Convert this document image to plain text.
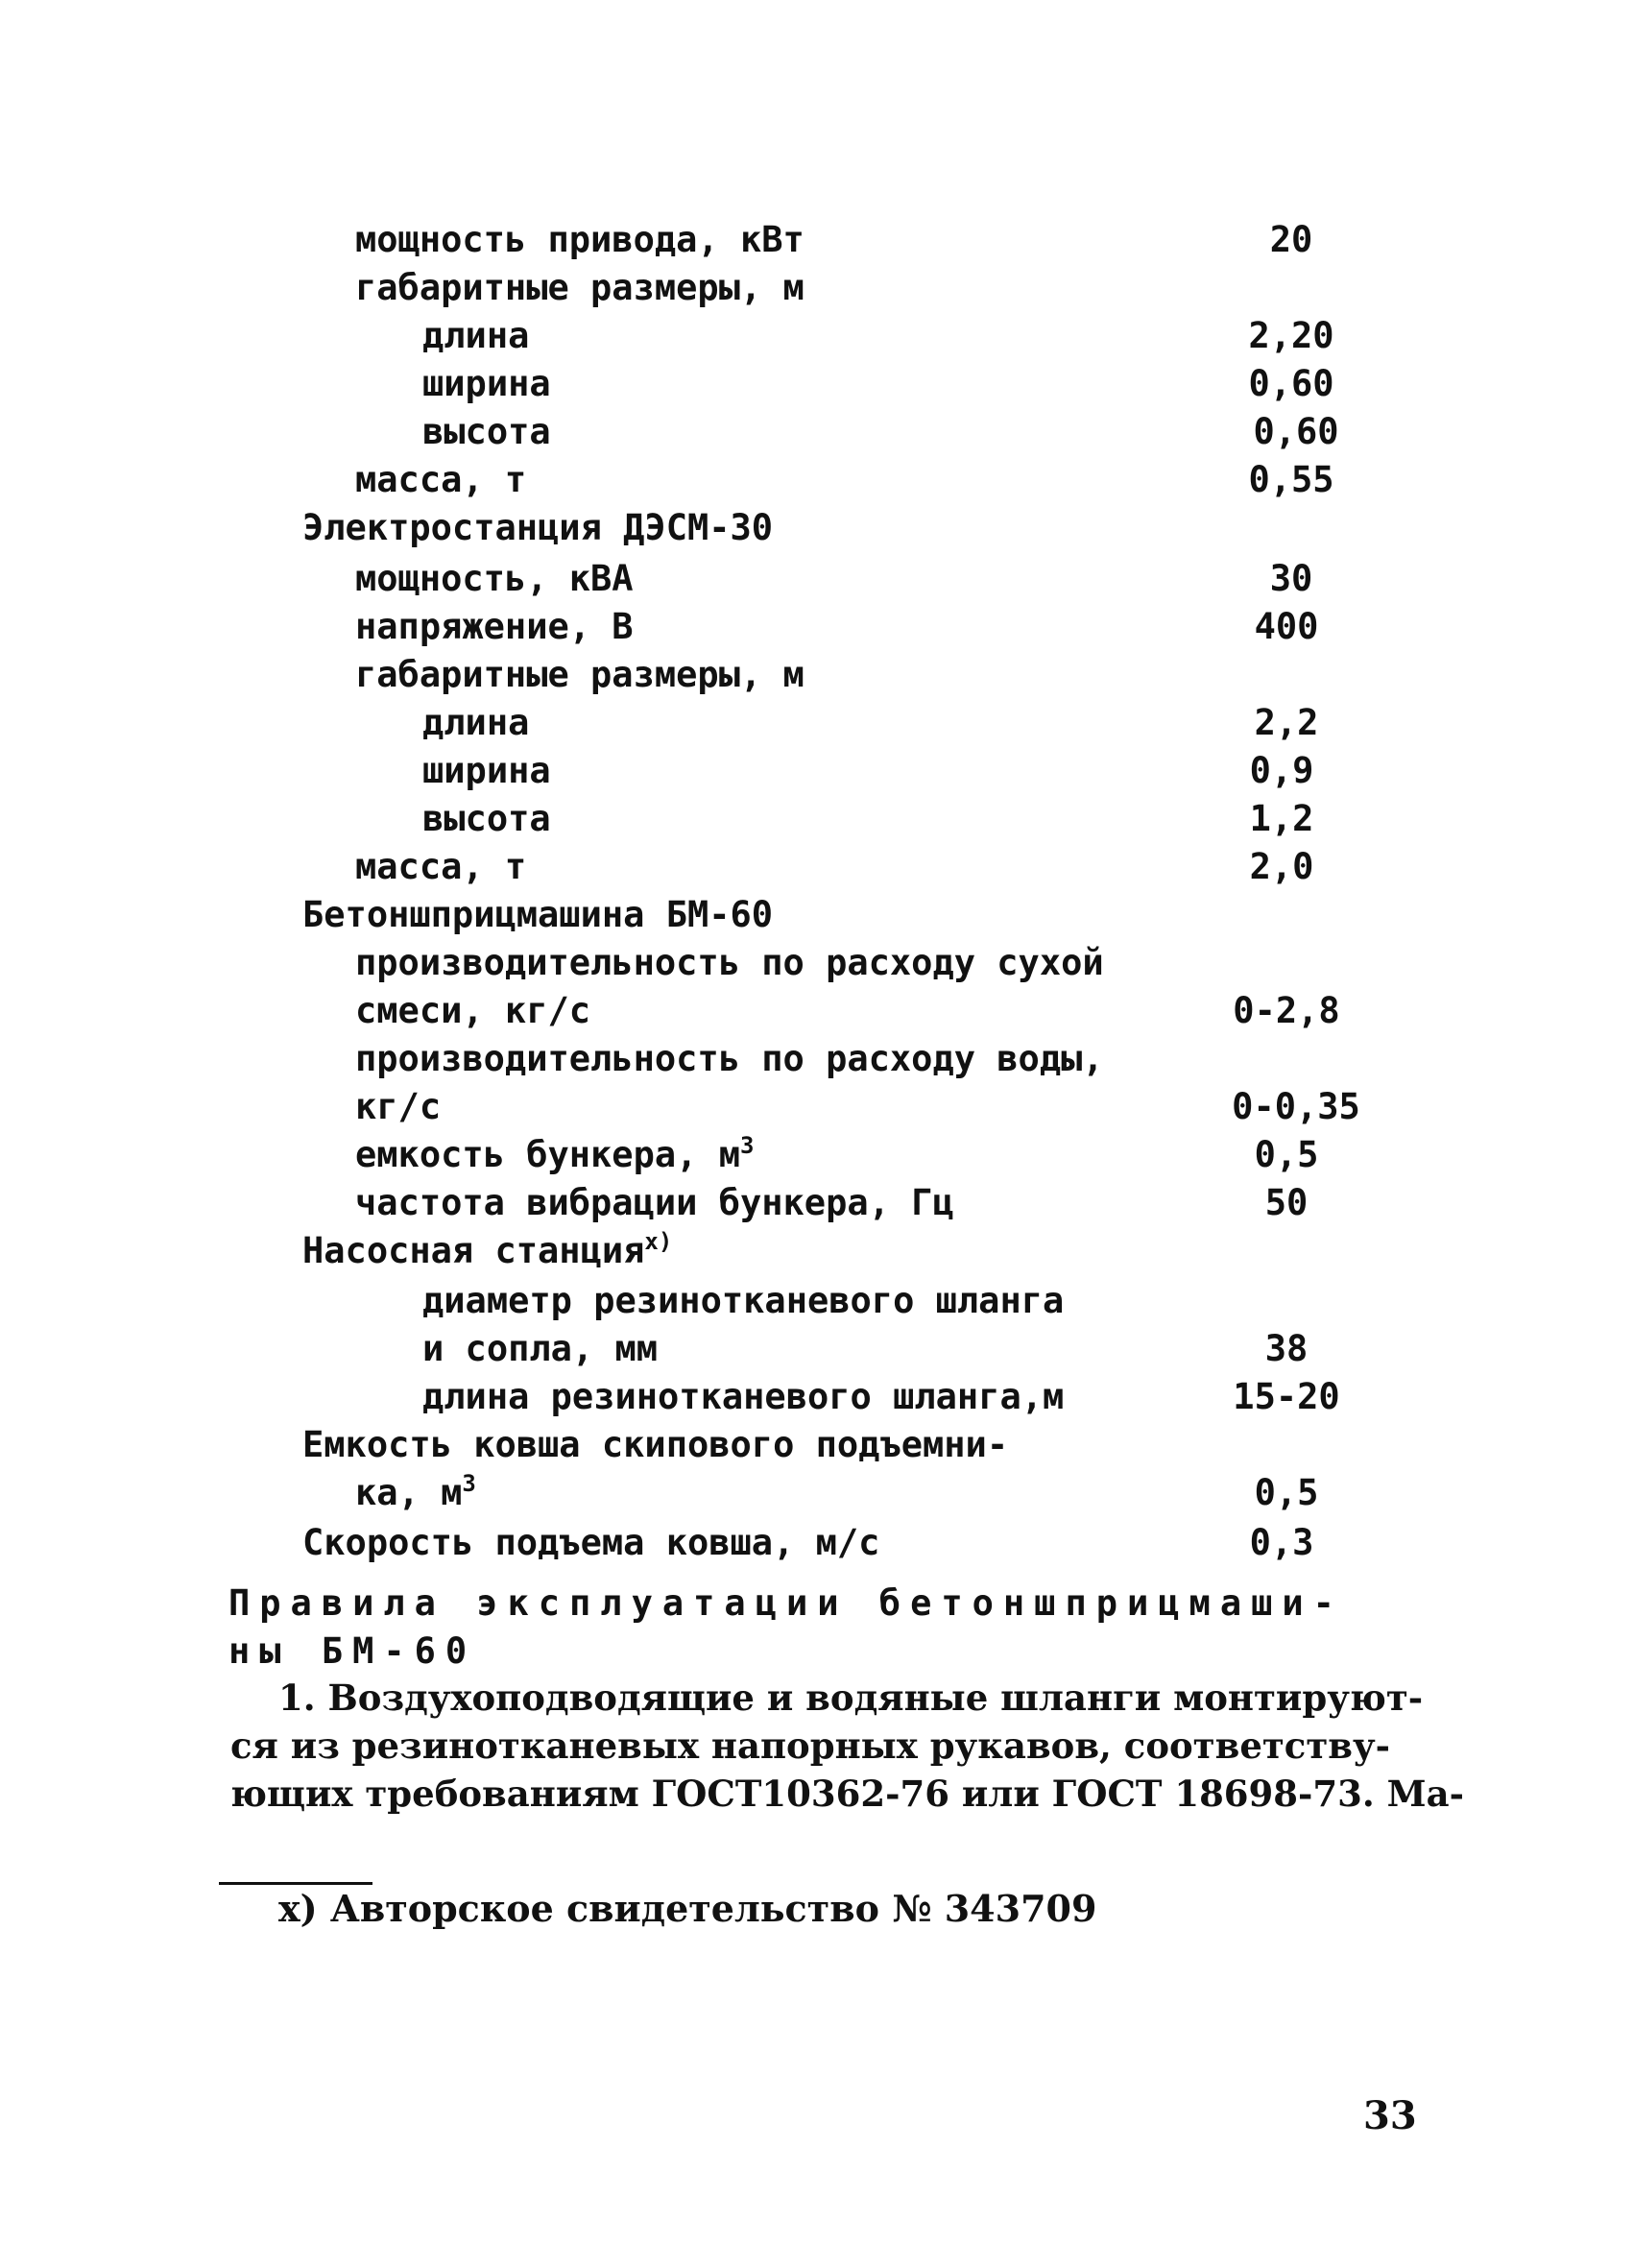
мощность привода, кВт	20
габаритные размеры, м
длина	2,20
ширина	0,60
высота	0,60
масса, т	0,55
Электростанция ДЭСМ-30
мощность, кВА	30
напряжение, В	400
габаритные размеры, м
длина	2,2
ширина	0,9
высота	1,2
масса, т	2,0
Бетоншприцмашина БМ-60
производительность по расходу сухой
смеси, кг/с	0-2,8
производительность по расходу воды,
кг/с	0-0,35
емкость бункера, $м^3$	0,5
частота вибрации бункера, Гц	50
Насосная станция$^{х)}$
диаметр резинотканевого шланга
и сопла, мм	38
длина резинотканевого шланга,м	15-20
Емкость ковша скипового подъемни-
ка, $м^3$	0,5
Скорость подъема ковша, м/с	0,3
Правила эксплуатации бетоншприцмаши-
ны БМ-60
1. Воздухоподводящие и водяные шланги монтируют-
ся из резинотканевых напорных рукавов, соответству-
ющих требованиям ГОСТ10362-76 или ГОСТ 18698-73. Ма-
х) Авторское свидетельство № 343709
33
